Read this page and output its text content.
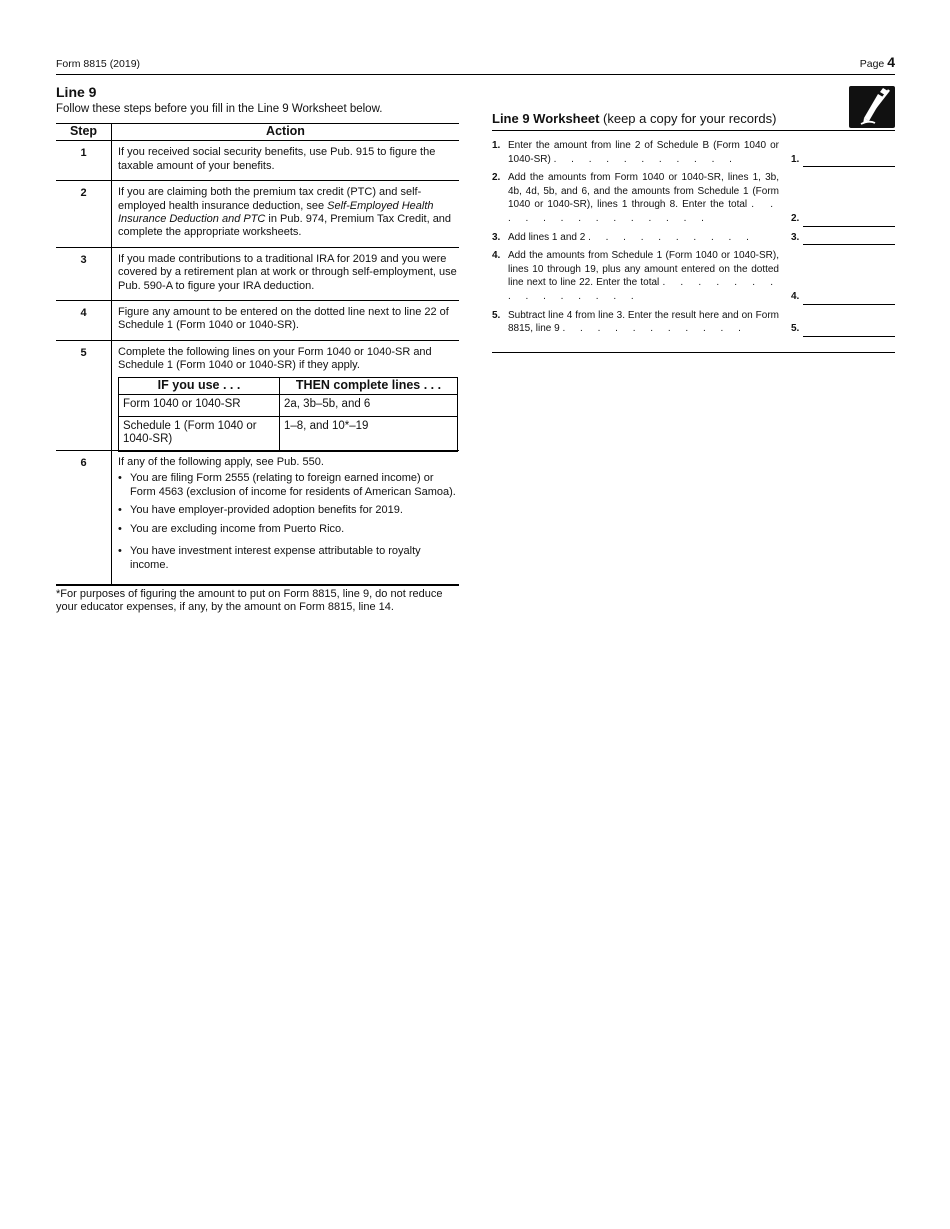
Form 8815 (2019)	Page 4
Line 9

Follow these steps before you fill in the Line 9 Worksheet below.

Step	Action
1	If you received social security benefits, use Pub. 915 to figure the taxable amount of your benefits.
2	If you are claiming both the premium tax credit (PTC) and self-employed health insurance deduction, see Self-Employed Health Insurance Deduction and PTC in Pub. 974, Premium Tax Credit, and complete the appropriate worksheets.
3	If you made contributions to a traditional IRA for 2019 and you were covered by a retirement plan at work or through self-employment, use Pub. 590-A to figure your IRA deduction.
4	Figure any amount to be entered on the dotted line next to line 22 of Schedule 1 (Form 1040 or 1040-SR).
5	Complete the following lines on your Form 1040 or 1040-SR and Schedule 1 (Form 1040 or 1040-SR) if they apply.
IF you use . . .	THEN complete lines . . .
Form 1040 or 1040-SR	2a, 3b–5b, and 6
Schedule 1 (Form 1040 or 1040-SR)	1–8, and 10*–19

6	If any of the following apply, see Pub. 550.
• You are filing Form 2555 (relating to foreign earned income) or Form 4563 (exclusion of income for residents of American Samoa).
• You have employer-provided adoption benefits for 2019.
• You are excluding income from Puerto Rico.
• You have investment interest expense attributable to royalty income.
*For purposes of figuring the amount to put on Form 8815, line 9, do not reduce your educator expenses, if any, by the amount on Form 8815, line 14.
Line 9 Worksheet (keep a copy for your records)
1. Enter the amount from line 2 of Schedule B (Form 1040 or 1040-SR) . . . . . . . . . . .	1.
2. Add the amounts from Form 1040 or 1040-SR, lines 1, 3b, 4b, 4d, 5b, and 6, and the amounts from Schedule 1 (Form 1040 or 1040-SR), lines 1 through 8. Enter the total . . . . . . . . . . . . . .	2.
3. Add lines 1 and 2 . . . . . . . . . .	3.
4. Add the amounts from Schedule 1 (Form 1040 or 1040-SR), lines 10 through 19, plus any amount entered on the dotted line next to line 22. Enter the total . . . . . . . . . . . . . . .	4.
5. Subtract line 4 from line 3. Enter the result here and on Form 8815, line 9 . . . . . . . . . . .	5.
